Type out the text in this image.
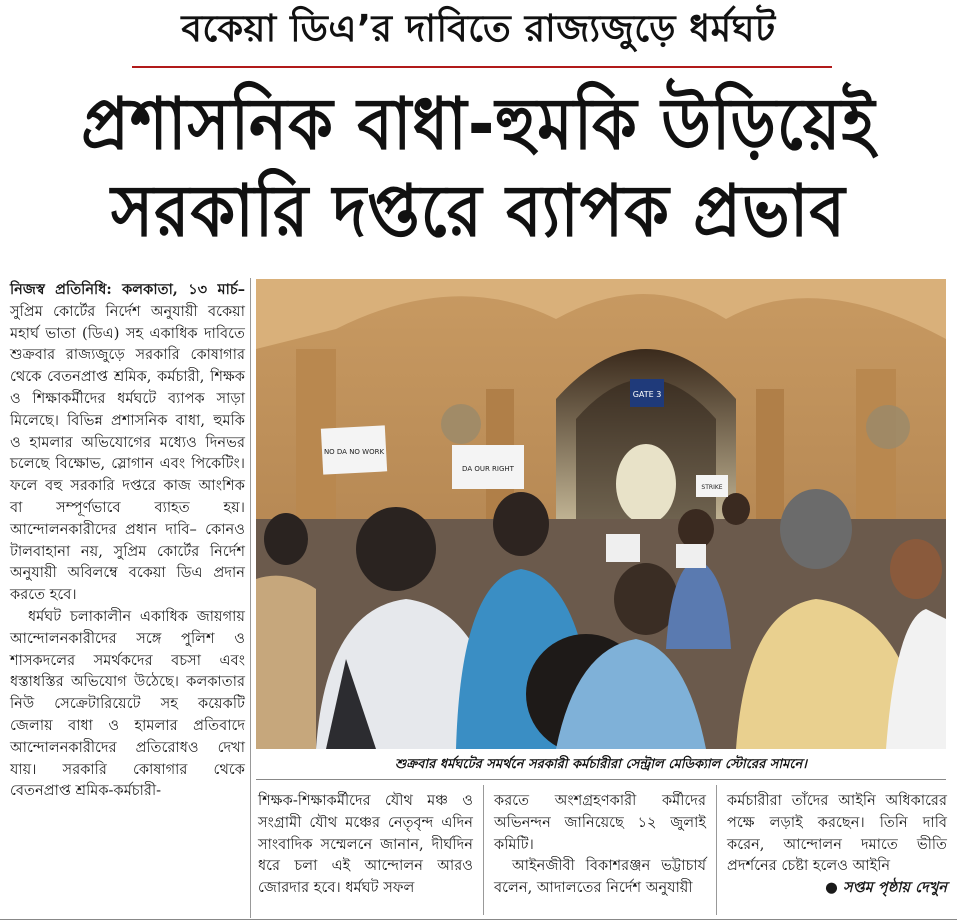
বকেয়া ডিএ’র দাবিতে রাজ্যজুড়ে ধর্মঘট
প্রশাসনিক বাধা-হুমকি উড়িয়েই
সরকারি দপ্তরে ব্যাপক প্রভাব

নিজস্ব প্রতিনিধি: কলকাতা, ১৩ মার্চ– সুপ্রিম কোর্টের নির্দেশ অনুযায়ী বকেয়া মহার্ঘ ভাতা (ডিএ) সহ একাধিক দাবিতে শুক্রবার রাজ্যজুড়ে সরকারি কোষাগার থেকে বেতনপ্রাপ্ত শ্রমিক, কর্মচারী, শিক্ষক ও শিক্ষাকর্মীদের ধর্মঘটে ব্যাপক সাড়া মিলেছে। বিভিন্ন প্রশাসনিক বাধা, হুমকি ও হামলার অভিযোগের মধ্যেও দিনভর চলেছে বিক্ষোভ, স্লোগান এবং পিকেটিং। ফলে বহু সরকারি দপ্তরে কাজ আংশিক বা সম্পূর্ণভাবে ব্যাহত হয়। আন্দোলনকারীদের প্রধান দাবি– কোনও টালবাহানা নয়, সুপ্রিম কোর্টের নির্দেশ অনুযায়ী অবিলম্বে বকেয়া ডিএ প্রদান করতে হবে।

ধর্মঘট চলাকালীন একাধিক জায়গায় আন্দোলনকারীদের সঙ্গে পুলিশ ও শাসকদলের সমর্থকদের বচসা এবং ধস্তাধস্তির অভিযোগ উঠেছে। কলকাতার নিউ সেক্রেটারিয়েটে সহ কয়েকটি জেলায় বাধা ও হামলার প্রতিবাদে আন্দোলনকারীদের প্রতিরোধও দেখা যায়। সরকারি কোষাগার থেকে বেতনপ্রাপ্ত শ্রমিক-কর্মচারী-

GATE 3
NO DA NO WORK
DA OUR RIGHT
STRIKE
শুক্রবার ধর্মঘটের সমর্থনে সরকারী কর্মচারীরা সেন্ট্রাল মেডিক্যাল স্টোরের সামনে।

শিক্ষক-শিক্ষাকর্মীদের যৌথ মঞ্চ ও সংগ্রামী যৌথ মঞ্চের নেতৃবৃন্দ এদিন সাংবাদিক সম্মেলনে জানান, দীর্ঘদিন ধরে চলা এই আন্দোলন আরও জোরদার হবে। ধর্মঘট সফল

করতে অংশগ্রহণকারী কর্মীদের অভিনন্দন জানিয়েছে ১২ জুলাই কমিটি।

আইনজীবী বিকাশরঞ্জন ভট্টাচার্য বলেন, আদালতের নির্দেশ অনুযায়ী

কর্মচারীরা তাঁদের আইনি অধিকারের পক্ষে লড়াই করছেন। তিনি দাবি করেন, আন্দোলন দমাতে ভীতি প্রদর্শনের চেষ্টা হলেও আইনি

● সপ্তম পৃষ্ঠায় দেখুন
